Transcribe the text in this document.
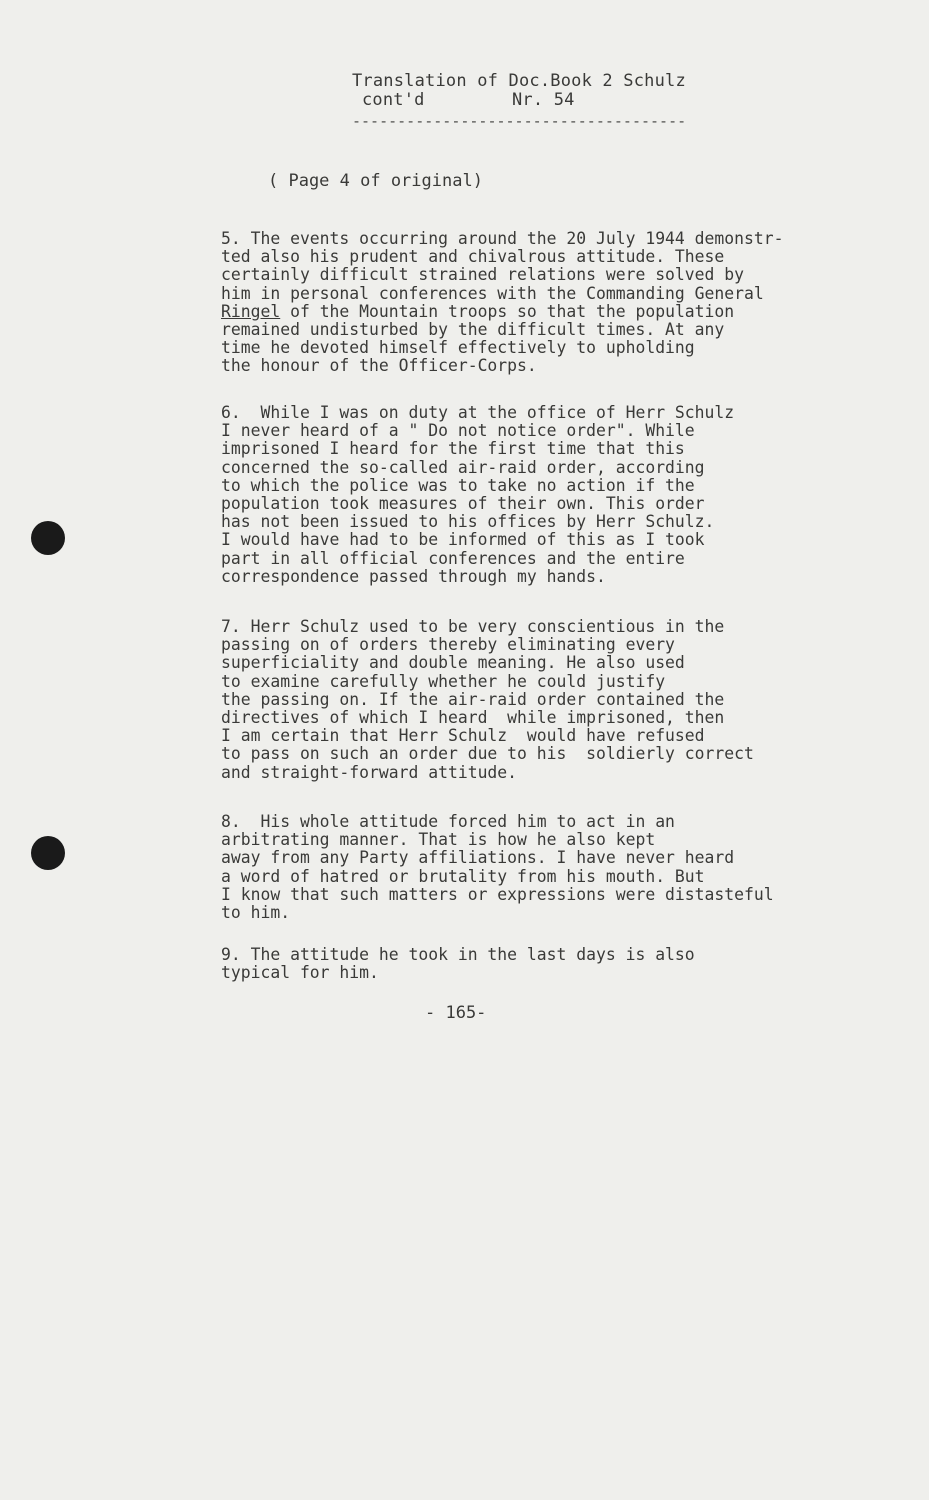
Translation of Doc.Book 2 Schulz
cont'd	Nr. 54
-------------------------------------
( Page 4 of original)
5. The events occurring around the 20 July 1944 demonstr-
ted also his prudent and chivalrous attitude. These
certainly difficult strained relations were solved by
him in personal conferences with the Commanding General
Ringel of the Mountain troops so that the population
remained undisturbed by the difficult times. At any
time he devoted himself effectively to upholding
the honour of the Officer-Corps.
6.  While I was on duty at the office of Herr Schulz
I never heard of a " Do not notice order". While
imprisoned I heard for the first time that this
concerned the so-called air-raid order, according
to which the police was to take no action if the
population took measures of their own. This order
has not been issued to his offices by Herr Schulz.
I would have had to be informed of this as I took
part in all official conferences and the entire
correspondence passed through my hands.
7. Herr Schulz used to be very conscientious in the
passing on of orders thereby eliminating every
superficiality and double meaning. He also used
to examine carefully whether he could justify
the passing on. If the air-raid order contained the
directives of which I heard  while imprisoned, then
I am certain that Herr Schulz  would have refused
to pass on such an order due to his  soldierly correct
and straight-forward attitude.
8.  His whole attitude forced him to act in an
arbitrating manner. That is how he also kept
away from any Party affiliations. I have never heard
a word of hatred or brutality from his mouth. But
I know that such matters or expressions were distasteful
to him.
9. The attitude he took in the last days is also
typical for him.
- 165-
